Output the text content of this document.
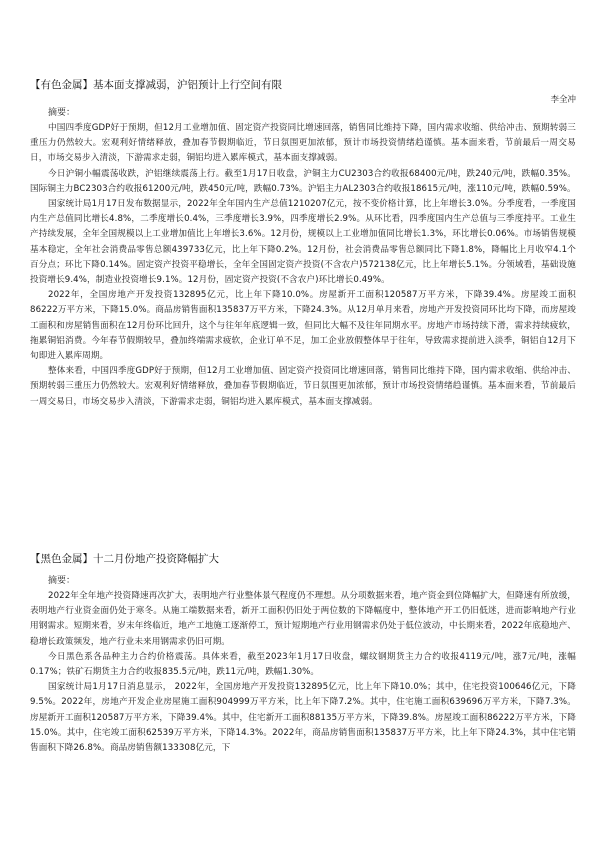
【有色金属】基本面支撑减弱，沪铝预计上行空间有限
李全冲
摘要：

中国四季度GDP好于预期，但12月工业增加值、固定资产投资同比增速回落，销售同比维持下降，国内需求收缩、供给冲击、预期转弱三重压力仍然较大。宏观利好情绪释放，叠加春节假期临近，节日氛围更加浓郁，预计市场投资情绪趋谨慎。基本面来看，节前最后一周交易日，市场交易步入清淡，下游需求走弱，铜铝均进入累库模式，基本面支撑减弱。

今日沪铜小幅震荡收跌，沪铝继续震荡上行。截至1月17日收盘，沪铜主力CU2303合约收报68400元/吨，跌240元/吨，跌幅0.35%。国际铜主力BC2303合约收报61200元/吨，跌450元/吨，跌幅0.73%。沪铝主力AL2303合约收报18615元/吨，涨110元/吨，跌幅0.59%。

国家统计局1月17日发布数据显示，2022年全年国内生产总值1210207亿元，按不变价格计算，比上年增长3.0%。分季度看，一季度国内生产总值同比增长4.8%，二季度增长0.4%，三季度增长3.9%，四季度增长2.9%。从环比看，四季度国内生产总值与三季度持平。工业生产持续发展，全年全国规模以上工业增加值比上年增长3.6%。12月份，规模以上工业增加值同比增长1.3%，环比增长0.06%。市场销售规模基本稳定，全年社会消费品零售总额439733亿元，比上年下降0.2%。12月份，社会消费品零售总额同比下降1.8%，降幅比上月收窄4.1个百分点；环比下降0.14%。固定资产投资平稳增长，全年全国固定资产投资(不含农户)572138亿元，比上年增长5.1%。分领域看，基础设施投资增长9.4%，制造业投资增长9.1%。12月份，固定资产投资(不含农户)环比增长0.49%。

2022年，全国房地产开发投资132895亿元，比上年下降10.0%。房屋新开工面积120587万平方米，下降39.4%。房屋竣工面积86222万平方米，下降15.0%。商品房销售面积135837万平方米，下降24.3%。从12月单月来看，房地产开发投资同环比均下降，而房屋竣工面积和房屋销售面积在12月份环比回升，这个与往年年底逻辑一致，但同比大幅不及往年同期水平。房地产市场持续下滑，需求持续疲软，拖累铜铝消费。今年春节假期较早，叠加终端需求疲软，企业订单不足，加工企业放假整体早于往年，导致需求提前进入淡季，铜铝自12月下旬即进入累库周期。

整体来看，中国四季度GDP好于预期，但12月工业增加值、固定资产投资同比增速回落，销售同比维持下降，国内需求收缩、供给冲击、预期转弱三重压力仍然较大。宏观利好情绪释放，叠加春节假期临近，节日氛围更加浓郁，预计市场投资情绪趋谨慎。基本面来看，节前最后一周交易日，市场交易步入清淡，下游需求走弱，铜铝均进入累库模式，基本面支撑减弱。

【黑色金属】十二月份地产投资降幅扩大
摘要：

2022年全年地产投资降速再次扩大，表明地产行业整体景气程度仍不理想。从分项数据来看，地产资金到位降幅扩大，但降速有所放缓，表明地产行业资金面仍处于寒冬。从施工端数据来看，新开工面积仍旧处于两位数的下降幅度中，整体地产开工仍旧低迷，进而影响地产行业用钢需求。短期来看，岁末年终临近，地产工地施工逐渐停工，预计短期地产行业用钢需求仍处于低位波动，中长期来看，2022年底稳地产、稳增长政策频发，地产行业未来用钢需求仍旧可期。

今日黑色系各品种主力合约价格震荡。具体来看，截至2023年1月17日收盘，螺纹钢期货主力合约收报4119元/吨，涨7元/吨，涨幅0.17%；铁矿石期货主力合约收报835.5元/吨，跌11元/吨，跌幅1.30%。

国家统计局1月17日消息显示， 2022年，全国房地产开发投资132895亿元，比上年下降10.0%；其中，住宅投资100646亿元，下降9.5%。2022年，房地产开发企业房屋施工面积904999万平方米，比上年下降7.2%。其中，住宅施工面积639696万平方米，下降7.3%。房屋新开工面积120587万平方米，下降39.4%。其中，住宅新开工面积88135万平方米，下降39.8%。房屋竣工面积86222万平方米，下降15.0%。其中，住宅竣工面积62539万平方米，下降14.3%。2022年，商品房销售面积135837万平方米，比上年下降24.3%，其中住宅销售面积下降26.8%。商品房销售额133308亿元，下
